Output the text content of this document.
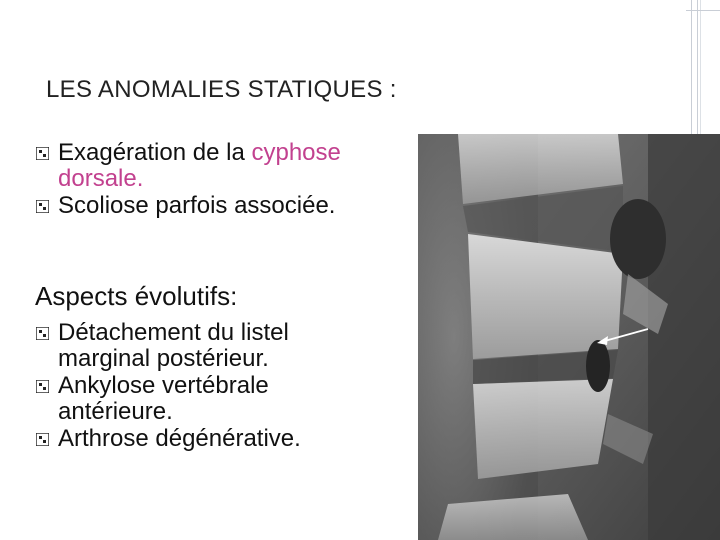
LES ANOMALIES STATIQUES :
Exagération de la cyphose dorsale.
Scoliose parfois associée.
Aspects évolutifs:
Détachement du listel marginal postérieur.
Ankylose vertébrale antérieure.
Arthrose dégénérative.
